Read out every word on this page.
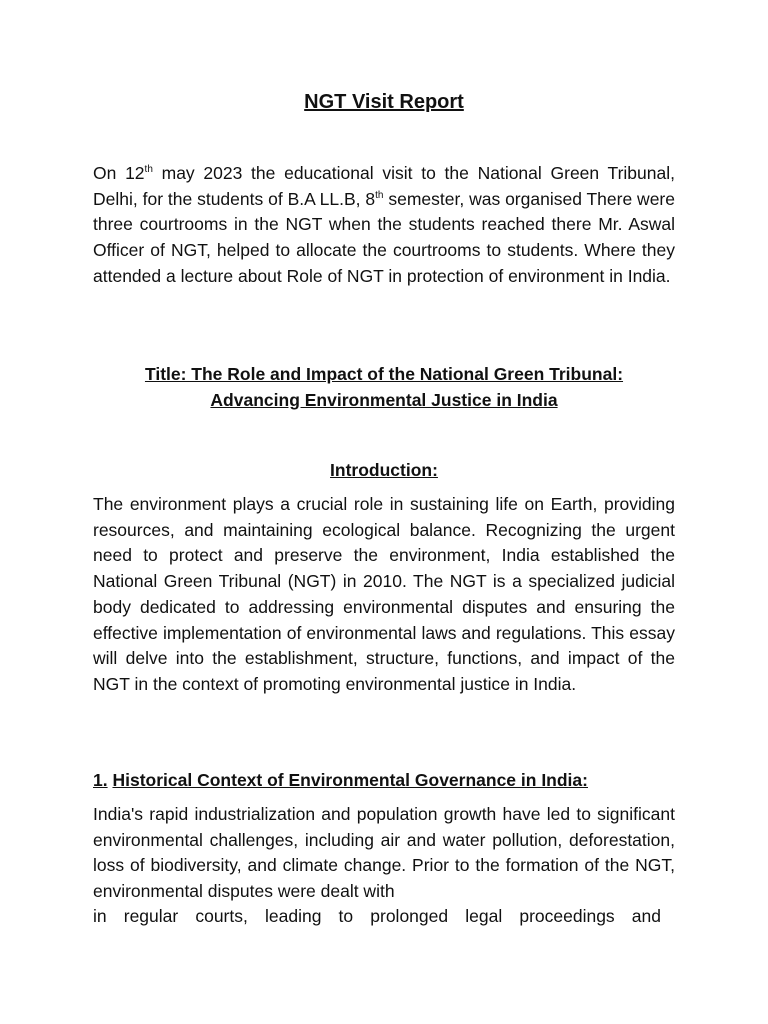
NGT Visit Report

On 12th may 2023 the educational visit to the National Green Tribunal, Delhi, for the students of B.A LL.B, 8th semester, was organised There were three courtrooms in the NGT when the students reached there Mr. Aswal Officer of NGT, helped to allocate the courtrooms to students. Where they attended a lecture about Role of NGT in protection of environment in India.

Title: The Role and Impact of the National Green Tribunal:
Advancing Environmental Justice in India
Introduction:

The environment plays a crucial role in sustaining life on Earth, providing resources, and maintaining ecological balance. Recognizing the urgent need to protect and preserve the environment, India established the National Green Tribunal (NGT) in 2010. The NGT is a specialized judicial body dedicated to addressing environmental disputes and ensuring the effective implementation of environmental laws and regulations. This essay will delve into the establishment, structure, functions, and impact of the NGT in the context of promoting environmental justice in India.

1. Historical Context of Environmental Governance in India:

India's rapid industrialization and population growth have led to significant environmental challenges, including air and water pollution, deforestation, loss of biodiversity, and climate change. Prior to the formation of the NGT, environmental disputes were dealt with

in regular courts, leading to prolonged legal proceedings and
